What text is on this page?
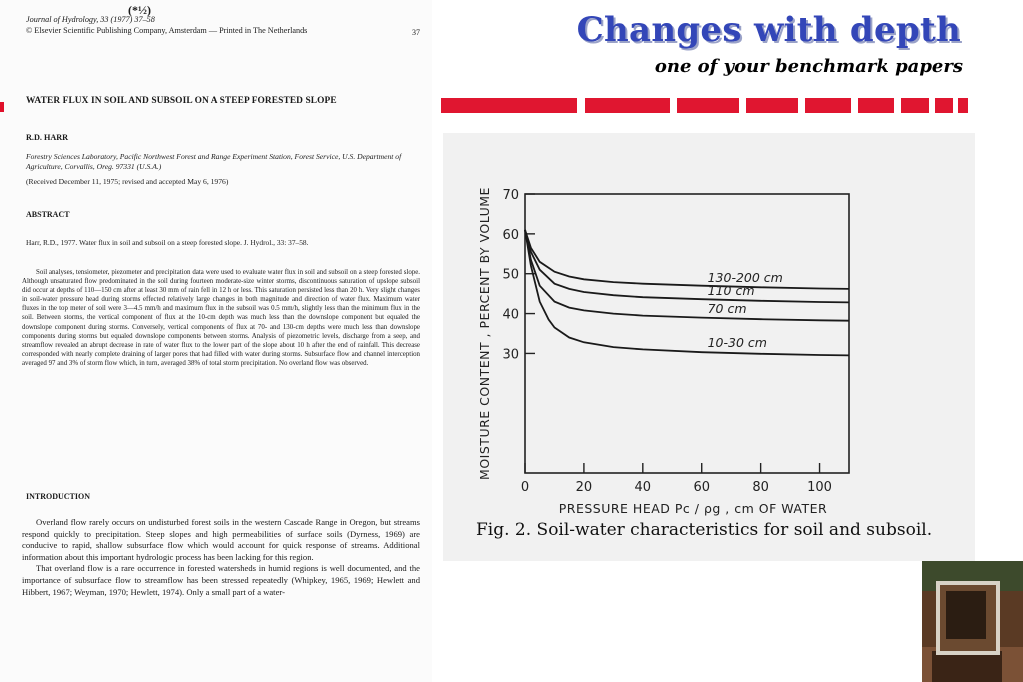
(*½)
Journal of Hydrology, 33 (1977) 37–58
© Elsevier Scientific Publishing Company, Amsterdam — Printed in The Netherlands	37
WATER FLUX IN SOIL AND SUBSOIL ON A STEEP FORESTED SLOPE
R.D. HARR
Forestry Sciences Laboratory, Pacific Northwest Forest and Range Experiment Station, Forest Service, U.S. Department of Agriculture, Corvallis, Oreg. 97331 (U.S.A.)
(Received December 11, 1975; revised and accepted May 6, 1976)
ABSTRACT
Harr, R.D., 1977. Water flux in soil and subsoil on a steep forested slope. J. Hydrol., 33: 37–58.
Soil analyses, tensiometer, piezometer and precipitation data were used to evaluate water flux in soil and subsoil on a steep forested slope. Although unsaturated flow predominated in the soil during fourteen moderate-size winter storms, discontinuous saturation of upslope subsoil did occur at depths of 110—150 cm after at least 30 mm of rain fell in 12 h or less. This saturation persisted less than 20 h. Very slight changes in soil-water pressure head during storms effected relatively large changes in both magnitude and direction of water flux. Maximum water fluxes in the top meter of soil were 3—4.5 mm/h and maximum flux in the subsoil was 0.5 mm/h, slightly less than the minimum flux in the soil. Between storms, the vertical component of flux at the 10-cm depth was much less than the downslope component but equaled the downslope component during storms. Conversely, vertical components of flux at 70- and 130-cm depths were much less than downslope components during storms but equaled downslope components between storms. Analysis of piezometric levels, discharge from a seep, and streamflow revealed an abrupt decrease in rate of water flux to the lower part of the slope about 10 h after the end of rainfall. This decrease corresponded with nearly complete draining of larger pores that had filled with water during storms. Subsurface flow and channel interception averaged 97 and 3% of storm flow which, in turn, averaged 38% of total storm precipitation. No overland flow was observed.
INTRODUCTION

Overland flow rarely occurs on undisturbed forest soils in the western Cascade Range in Oregon, but streams respond quickly to precipitation. Steep slopes and high permeabilities of surface soils (Dyrness, 1969) are conducive to rapid, shallow subsurface flow which would account for quick response of streams. Additional information about this important hydrologic process has been lacking for this region.

That overland flow is a rare occurrence in forested watersheds in humid regions is well documented, and the importance of subsurface flow to streamflow has been stressed repeatedly (Whipkey, 1965, 1969; Hewlett and Hibbert, 1967; Weyman, 1970; Hewlett, 1974). Only a small part of a water-

Changes with depth
one of your benchmark papers
30
40
50
60
70
0	20	40	60	80	100
PRESSURE HEAD Pc / ρg , cm OF WATER
MOISTURE CONTENT , PERCENT BY VOLUME	130-200 cm
110 cm
70 cm
10-30 cm
Fig. 2. Soil-water characteristics for soil and subsoil.
